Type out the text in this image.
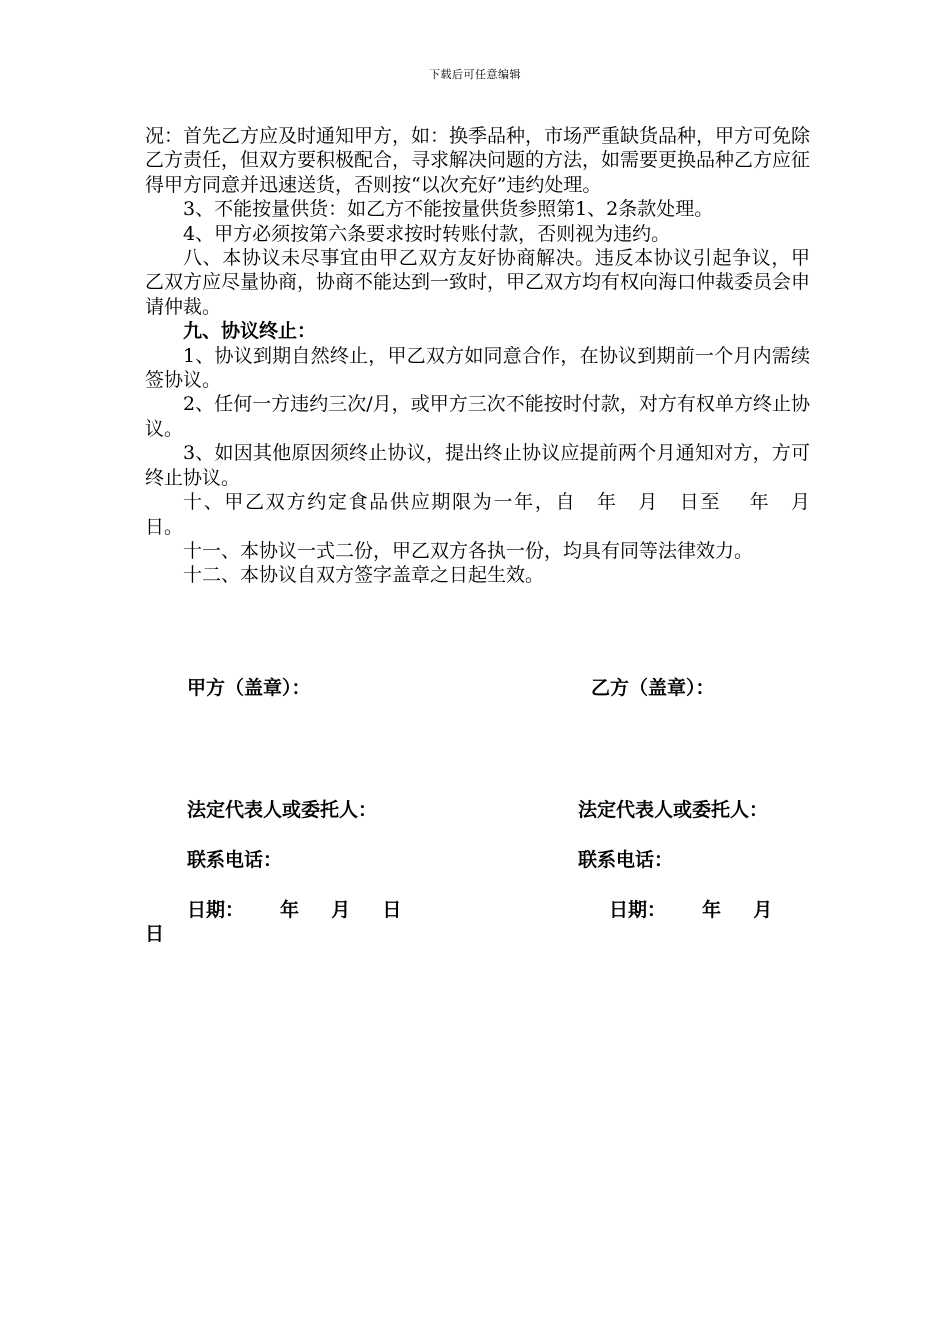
下载后可任意编辑

况：首先乙方应及时通知甲方，如：换季品种，市场严重缺货品种，甲方可免除乙方责任，但双方要积极配合，寻求解决问题的方法，如需要更换品种乙方应征得甲方同意并迅速送货，否则按“以次充好”违约处理。

3、不能按量供货：如乙方不能按量供货参照第1、2条款处理。

4、甲方必须按第六条要求按时转账付款，否则视为违约。

八、本协议未尽事宜由甲乙双方友好协商解决。违反本协议引起争议，甲乙双方应尽量协商，协商不能达到一致时，甲乙双方均有权向海口仲裁委员会申请仲裁。

九、协议终止：

1、协议到期自然终止，甲乙双方如同意合作，在协议到期前一个月内需续签协议。

2、任何一方违约三次/月，或甲方三次不能按时付款，对方有权单方终止协议。

3、如因其他原因须终止协议，提出终止协议应提前两个月通知对方，方可终止协议。

十、甲乙双方约定食品供应期限为一年，自　年　月　日至　 年　月　日。

十一、本协议一式二份，甲乙双方各执一份，均具有同等法律效力。

十二、本协议自双方签字盖章之日起生效。

甲方（盖章）：	乙方（盖章）：
法定代表人或委托人：	法定代表人或委托人：
联系电话：	联系电话：
日期：　    年　  月　  日	日期：　    年　  月
日
